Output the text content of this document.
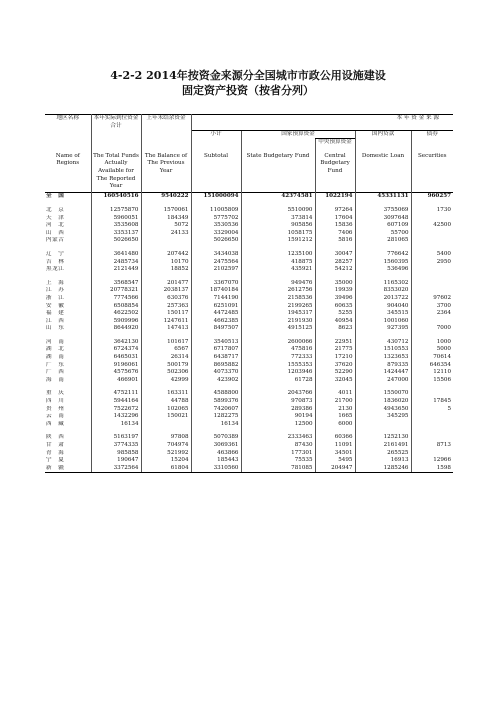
4-2-2 2014年按资金来源分全国城市市政公用设施建设
固定资产投资（按省分列）
地区名称	本年实际到位资金合计	上年末结余资金	本 年 资 金 来 源				
			小计	国家预算资金		国内贷款	债券
					中央预算资金		
Name of Regions	The Total Funds Actually Available for The Reported Year	The Balance of The Previous Year	Subtotal	State Budgetary Fund	Central Budgetary Fund	Domestic Loan	Securities
全　国	160540516	9540222	151000094	42374581	1022194	45331131	960257

北　京	12575870	1570061	11005809	5510090	97264	3755069	1730
天　津	5960051	184349	5775702	373814	17604	3097648	
河　北	3535608	5072	3530536	905856	15836	607109	42500
山　西	3353137	24133	3329004	1058175	7406	55700	
内蒙古	5026650		5026650	1591212	5816	281065	

辽　宁	3641480	207442	3434038	1235100	30047	776642	5400
吉　林	2485734	10170	2475564	418875	28257	1560395	2950
黑龙江	2121449	18852	2102597	435921	54212	536496	

上　海	3568547	201477	3367070	949476	35000	1165302	
江　苏	20778321	2038137	18740184	2612756	19939	8353020	
浙　江	7774566	630376	7144190	2158536	39496	2013722	97602
安　徽	6508854	257363	6251091	2199265	60635	904040	3700
福　建	4622502	150117	4472485	1945317	5255	345515	2364
江　西	5909996	1247611	4662385	2191930	40954	1001060	
山　东	8644920	147413	8497507	4915125	8623	927395	7000

河　南	3642130	101617	3540513	2600066	22951	430712	1000
湖　北	6724374	6567	6717807	475816	21775	1510553	5000
湖　南	6465031	26314	6438717	772333	17210	1323653	70614
广　东	9196061	500179	8695882	1555353	37620	879335	646354
广　西	4575676	502306	4073370	1203946	52290	1424447	12110
海　南	466901	42999	423902	61728	32045	247000	15506

重　庆	4752111	163311	4588800	2043766	4011	1550070	
四　川	5944164	44788	5899376	970873	21700	1836020	17845
贵　州	7522672	102065	7420607	289386	2130	4943650	5
云　南	1432296	150021	1282275	90194	1665	345295	
西　藏	16134		16134	12500	6000		

陕　西	5163197	97808	5070389	2333463	60366	1252130	
甘　肃	3774335	704974	3069361	87430	11091	2161491	8713
青　海	985858	521992	463866	177301	34501	265525	
宁　夏	190647	15204	185443	75535	5495	16913	12966
新　疆	3372564	61804	3310560	781085	204947	1285246	1598
